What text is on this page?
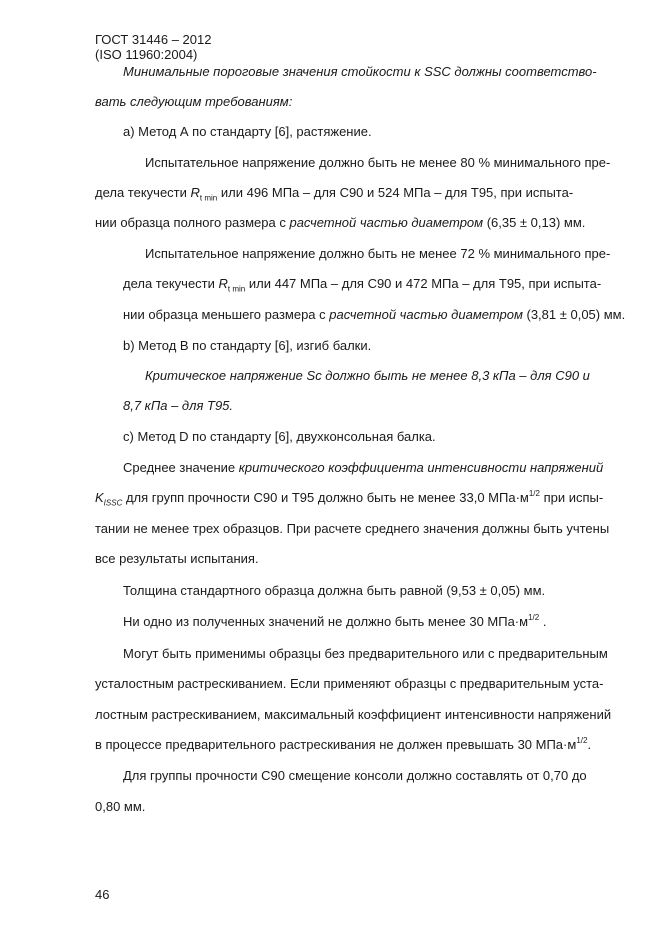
ГОСТ 31446 – 2012
(ISO 11960:2004)
Минимальные пороговые значения стойкости к SSC должны соответство-
вать следующим требованиям:
а) Метод А по стандарту [6], растяжение.
Испытательное напряжение должно быть не менее 80 % минимального пре-
дела текучести $R_{t min}$ или 496 МПа – для С90 и 524 МПа – для Т95, при испыта-
нии образца полного размера с расчетной частью диаметром (6,35 ± 0,13) мм.
Испытательное напряжение должно быть не менее 72 % минимального пре-
дела текучести $R_{t min}$ или 447 МПа – для С90 и 472 МПа – для Т95, при испыта-
нии образца меньшего размера с расчетной частью диаметром (3,81 ± 0,05) мм.
b) Метод В по стандарту [6], изгиб балки.
Критическое напряжение Sc должно быть не менее 8,3 кПа – для С90 и
8,7 кПа – для Т95.
с) Метод D по стандарту [6], двухконсольная балка.
Среднее значение критического коэффициента интенсивности напряжений
$K_{ISSC}$ для групп прочности С90 и Т95 должно быть не менее 33,0 $МПа\cdot м^{1/2}$ при испы-
тании не менее трех образцов. При расчете среднего значения должны быть учтены
все результаты испытания.
Толщина стандартного образца должна быть равной (9,53 ± 0,05) мм.
Ни одно из полученных значений не должно быть менее 30 $МПа\cdot м^{1/2}$ .
Могут быть применимы образцы без предварительного или с предварительным
усталостным растрескиванием. Если применяют образцы с предварительным уста-
лостным растрескиванием, максимальный коэффициент интенсивности напряжений
в процессе предварительного растрескивания не должен превышать 30 $МПа\cdot м^{1/2}$.
Для группы прочности С90 смещение консоли должно составлять от 0,70 до
0,80 мм.
46
